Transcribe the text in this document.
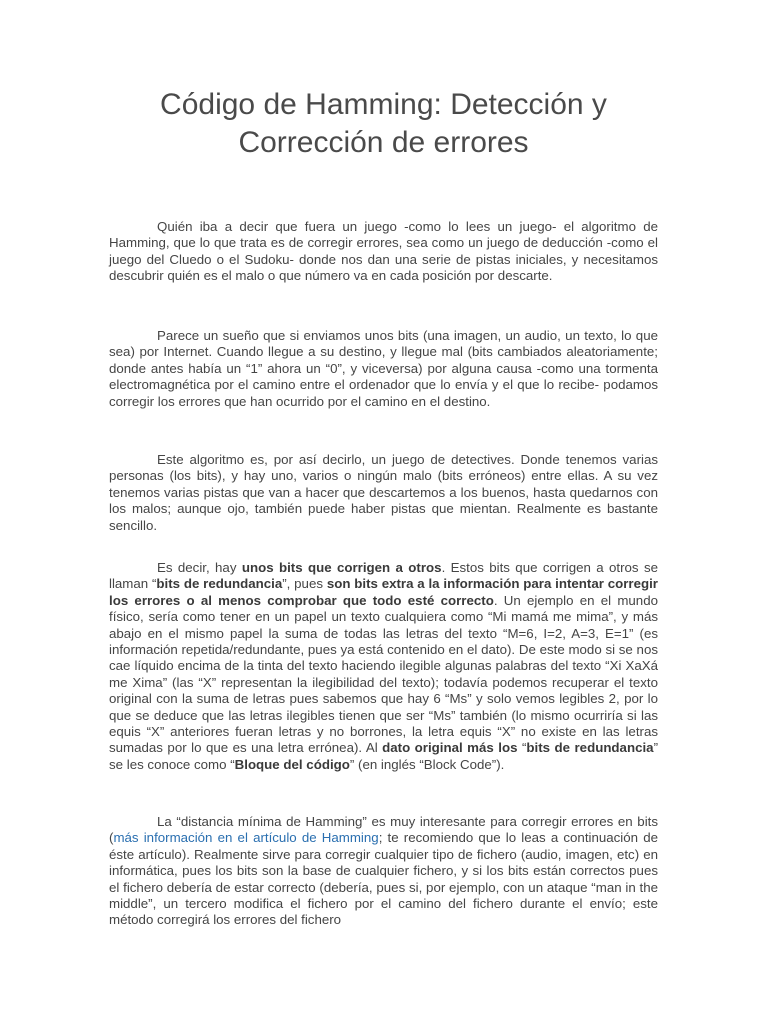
Código de Hamming: Detección y
Corrección de errores

Quién iba a decir que fuera un juego -como lo lees un juego- el algoritmo de Hamming, que lo que trata es de corregir errores, sea como un juego de deducción -como el juego del Cluedo o el Sudoku- donde nos dan una serie de pistas iniciales, y necesitamos descubrir quién es el malo o que número va en cada posición por descarte.

Parece un sueño que si enviamos unos bits (una imagen, un audio, un texto, lo que sea) por Internet. Cuando llegue a su destino, y llegue mal (bits cambiados aleatoriamente; donde antes había un “1” ahora un “0”, y viceversa) por alguna causa -como una tormenta electromagnética por el camino entre el ordenador que lo envía y el que lo recibe- podamos corregir los errores que han ocurrido por el camino en el destino.

Este algoritmo es, por así decirlo, un juego de detectives. Donde tenemos varias personas (los bits), y hay uno, varios o ningún malo (bits erróneos) entre ellas. A su vez tenemos varias pistas que van a hacer que descartemos a los buenos, hasta quedarnos con los malos; aunque ojo, también puede haber pistas que mientan. Realmente es bastante sencillo.

Es decir, hay unos bits que corrigen a otros. Estos bits que corrigen a otros se llaman “bits de redundancia”, pues son bits extra a la información para intentar corregir los errores o al menos comprobar que todo esté correcto. Un ejemplo en el mundo físico, sería como tener en un papel un texto cualquiera como “Mi mamá me mima”, y más abajo en el mismo papel la suma de todas las letras del texto “M=6, I=2, A=3, E=1” (es información repetida/redundante, pues ya está contenido en el dato). De este modo si se nos cae líquido encima de la tinta del texto haciendo ilegible algunas palabras del texto “Xi XaXá me Xima” (las “X” representan la ilegibilidad del texto); todavía podemos recuperar el texto original con la suma de letras pues sabemos que hay 6 “Ms” y solo vemos legibles 2, por lo que se deduce que las letras ilegibles tienen que ser “Ms” también (lo mismo ocurriría si las equis “X” anteriores fueran letras y no borrones, la letra equis “X” no existe en las letras sumadas por lo que es una letra errónea). Al dato original más los “bits de redundancia” se les conoce como “Bloque del código” (en inglés “Block Code”).

La “distancia mínima de Hamming” es muy interesante para corregir errores en bits (más información en el artículo de Hamming; te recomiendo que lo leas a continuación de éste artículo). Realmente sirve para corregir cualquier tipo de fichero (audio, imagen, etc) en informática, pues los bits son la base de cualquier fichero, y si los bits están correctos pues el fichero debería de estar correcto (debería, pues si, por ejemplo, con un ataque “man in the middle”, un tercero modifica el fichero por el camino del fichero durante el envío; este método corregirá los errores del fichero
